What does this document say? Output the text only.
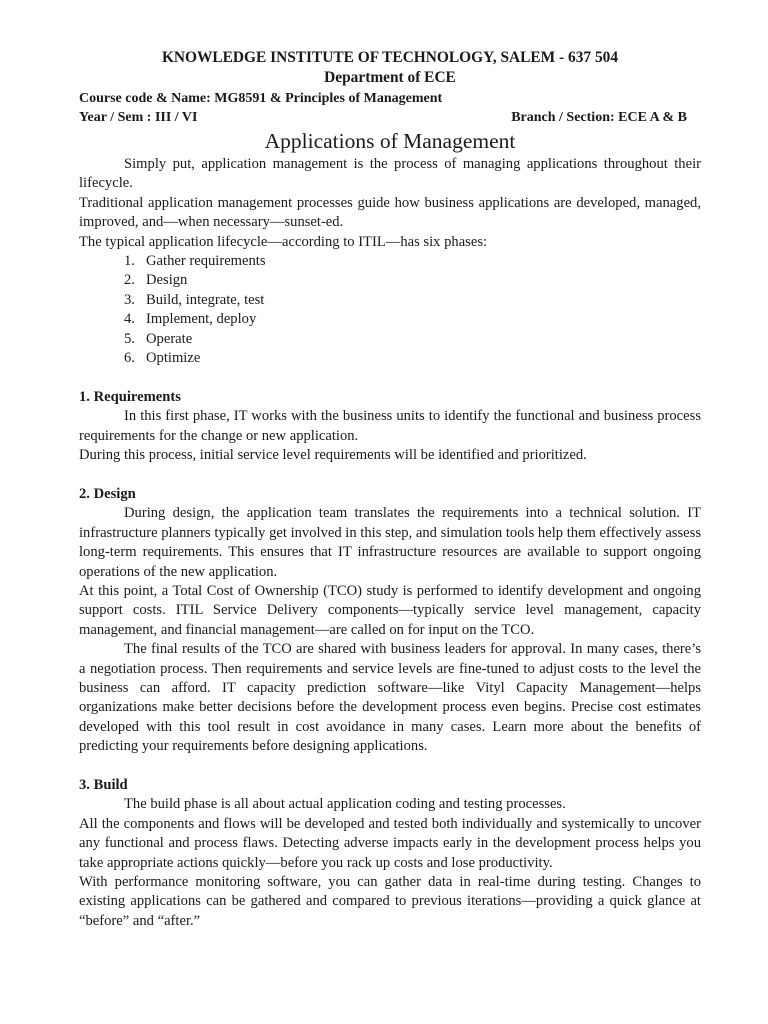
KNOWLEDGE INSTITUTE OF TECHNOLOGY, SALEM - 637 504

Department of ECE

Course code & Name: MG8591 & Principles of Management

Year / Sem : III / VI	Branch / Section: ECE A & B

Applications of Management

Simply put, application management is the process of managing applications throughout their lifecycle.

Traditional application management processes guide how business applications are developed, managed, improved, and—when necessary—sunset-ed.

The typical application lifecycle—according to ITIL—has six phases:

1. Gather requirements
2. Design
3. Build, integrate, test
4. Implement, deploy
5. Operate
6. Optimize
1. Requirements

In this first phase, IT works with the business units to identify the functional and business process requirements for the change or new application.

During this process, initial service level requirements will be identified and prioritized.

2. Design

During design, the application team translates the requirements into a technical solution. IT infrastructure planners typically get involved in this step, and simulation tools help them effectively assess long-term requirements. This ensures that IT infrastructure resources are available to support ongoing operations of the new application.

At this point, a Total Cost of Ownership (TCO) study is performed to identify development and ongoing support costs. ITIL Service Delivery components—typically service level management, capacity management, and financial management—are called on for input on the TCO.

The final results of the TCO are shared with business leaders for approval. In many cases, there’s a negotiation process. Then requirements and service levels are fine-tuned to adjust costs to the level the business can afford. IT capacity prediction software—like Vityl Capacity Management—helps organizations make better decisions before the development process even begins. Precise cost estimates developed with this tool result in cost avoidance in many cases. Learn more about the benefits of predicting your requirements before designing applications.

3. Build

The build phase is all about actual application coding and testing processes.

All the components and flows will be developed and tested both individually and systemically to uncover any functional and process flaws. Detecting adverse impacts early in the development process helps you take appropriate actions quickly—before you rack up costs and lose productivity.

With performance monitoring software, you can gather data in real-time during testing. Changes to existing applications can be gathered and compared to previous iterations—providing a quick glance at “before” and “after.”
